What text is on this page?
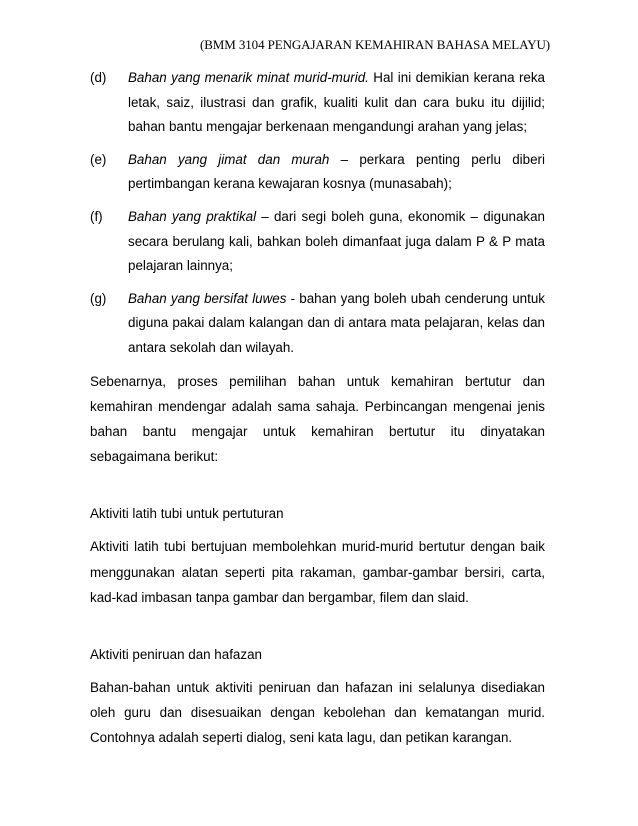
(BMM 3104 PENGAJARAN KEMAHIRAN BAHASA MELAYU)
(d) Bahan yang menarik minat murid-murid. Hal ini demikian kerana reka letak, saiz, ilustrasi dan grafik, kualiti kulit dan cara buku itu dijilid; bahan bantu mengajar berkenaan mengandungi arahan yang jelas;
(e) Bahan yang jimat dan murah – perkara penting perlu diberi pertimbangan kerana kewajaran kosnya (munasabah);
(f) Bahan yang praktikal – dari segi boleh guna, ekonomik – digunakan secara berulang kali, bahkan boleh dimanfaat juga dalam P & P mata pelajaran lainnya;
(g) Bahan yang bersifat luwes - bahan yang boleh ubah cenderung untuk diguna pakai dalam kalangan dan di antara mata pelajaran, kelas dan antara sekolah dan wilayah.

Sebenarnya, proses pemilihan bahan untuk kemahiran bertutur dan kemahiran mendengar adalah sama sahaja. Perbincangan mengenai jenis bahan bantu mengajar untuk kemahiran bertutur itu dinyatakan sebagaimana berikut:

Aktiviti latih tubi untuk pertuturan

Aktiviti latih tubi bertujuan membolehkan murid-murid bertutur dengan baik menggunakan alatan seperti pita rakaman, gambar-gambar bersiri, carta, kad-kad imbasan tanpa gambar dan bergambar, filem dan slaid.

Aktiviti peniruan dan hafazan

Bahan-bahan untuk aktiviti peniruan dan hafazan ini selalunya disediakan oleh guru dan disesuaikan dengan kebolehan dan kematangan murid. Contohnya adalah seperti dialog, seni kata lagu, dan petikan karangan.
